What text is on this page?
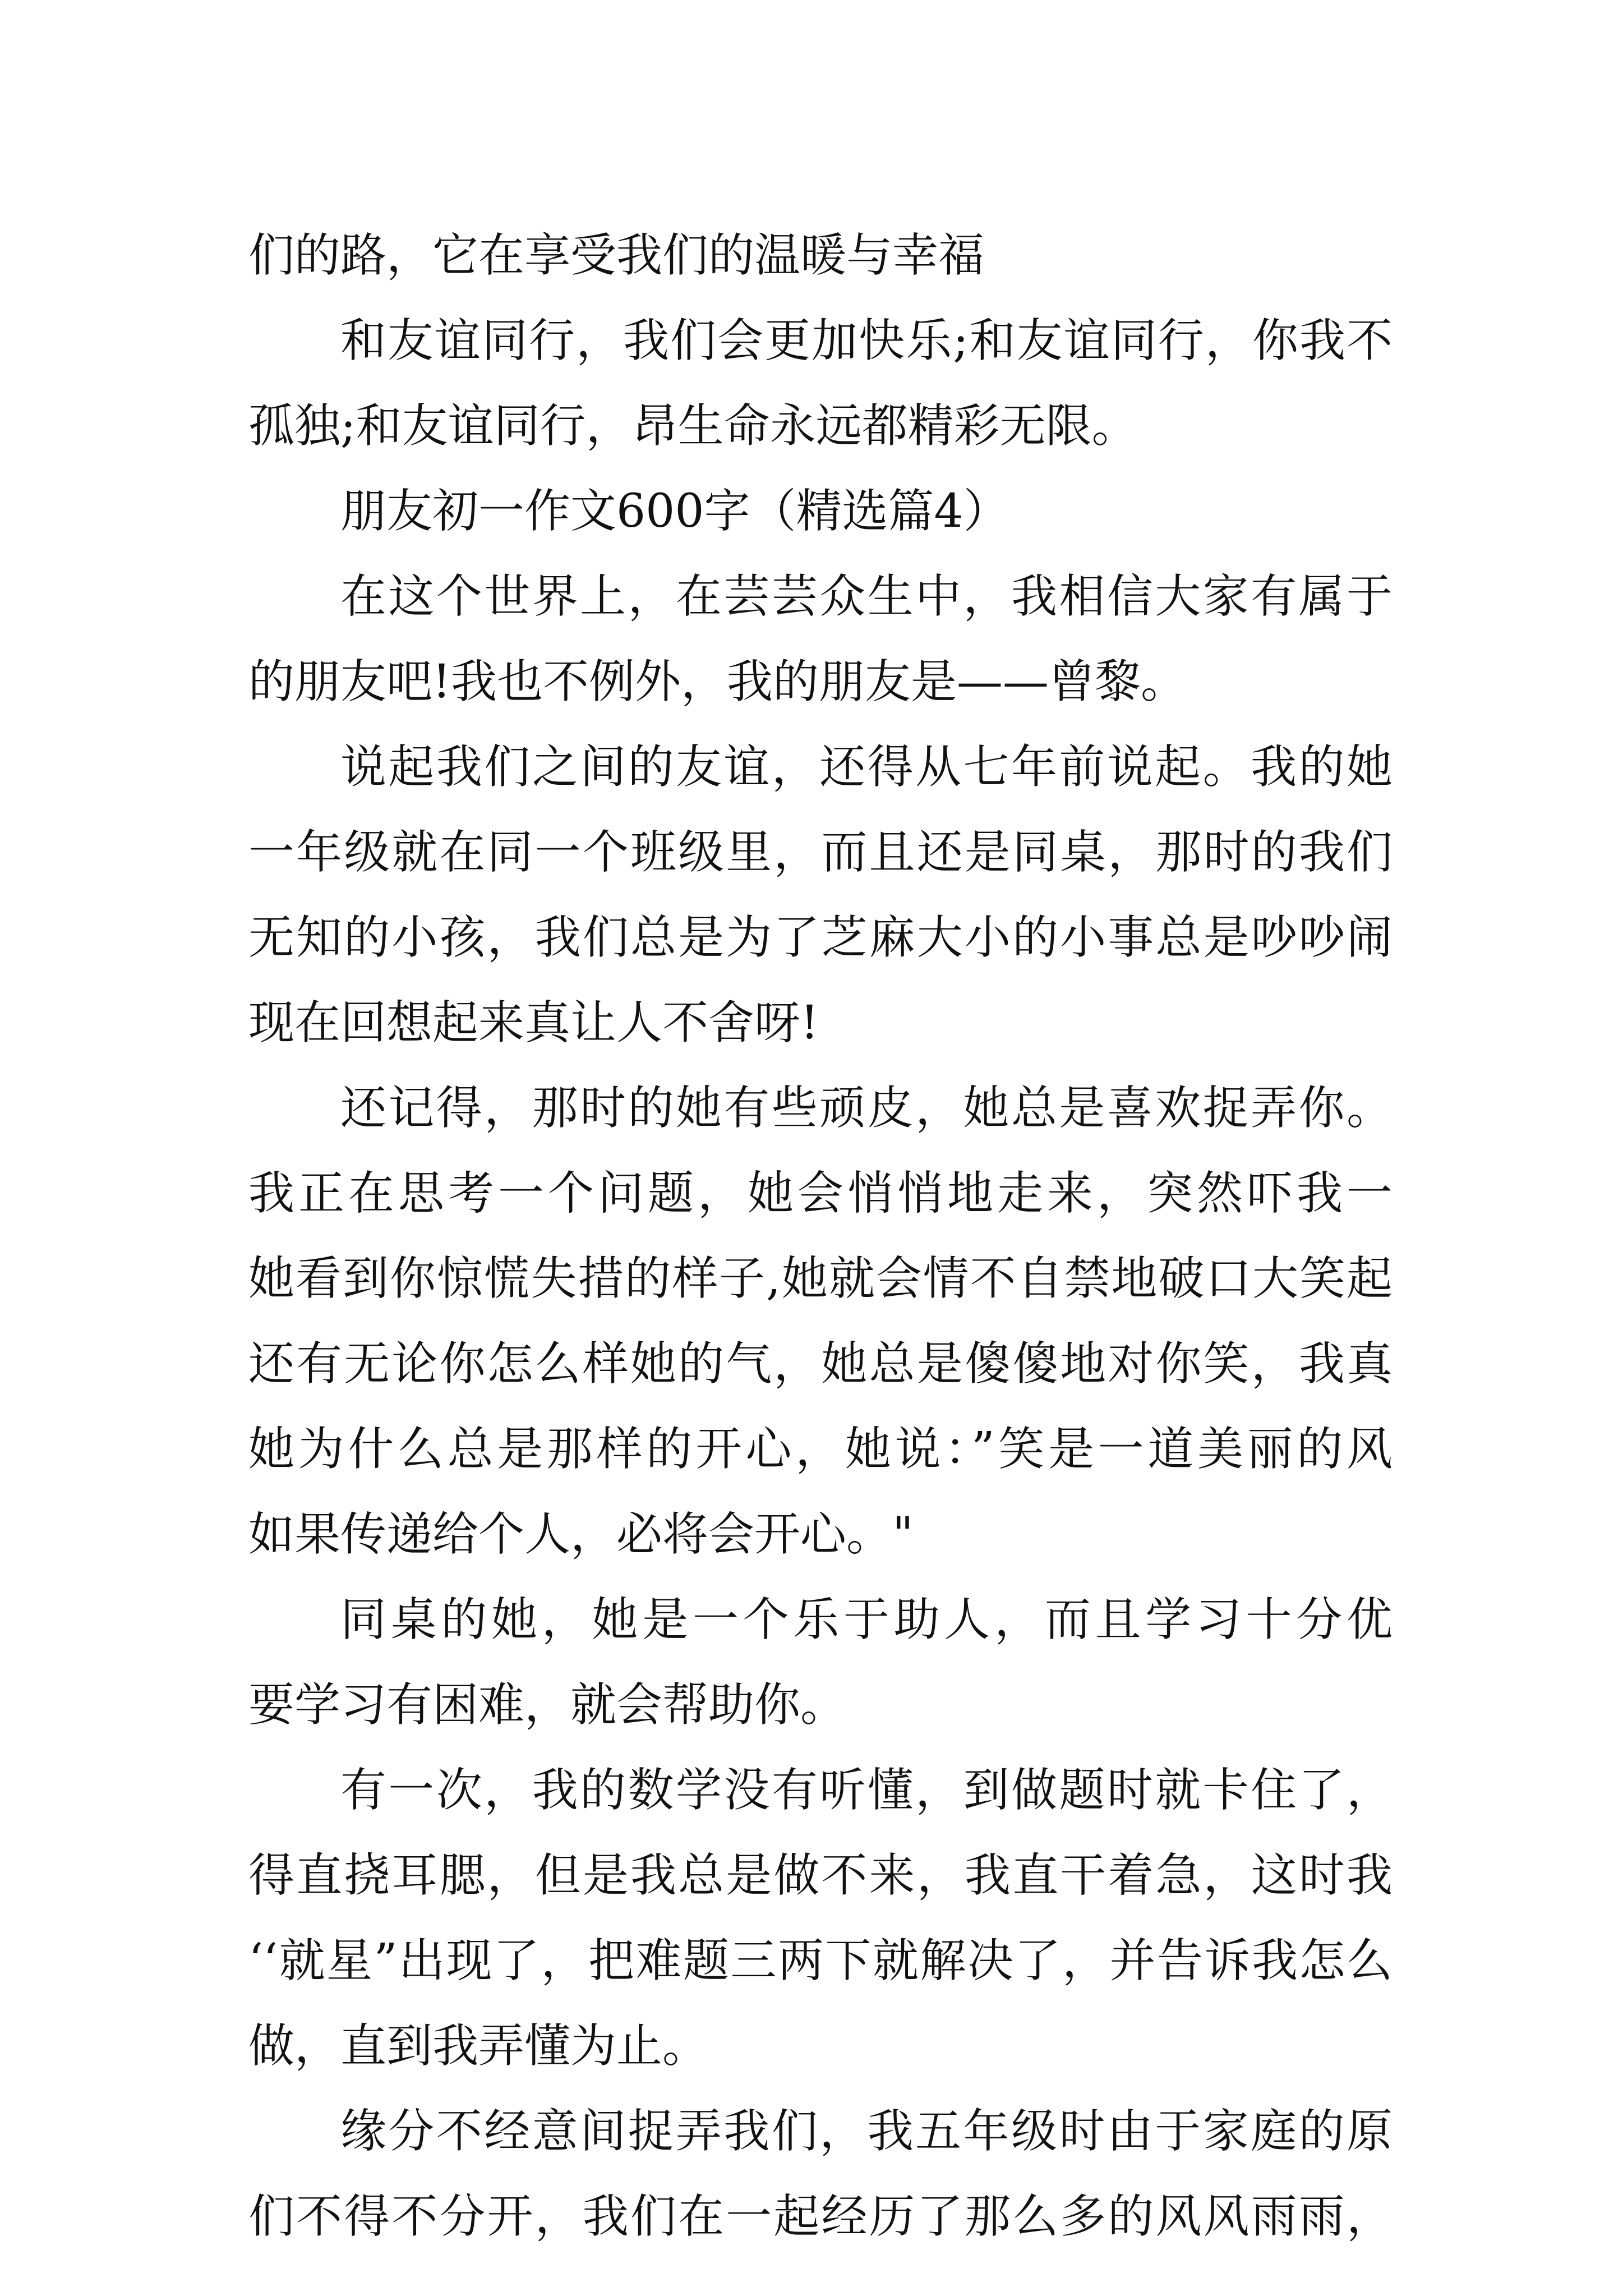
们的路，它在享受我们的温暖与幸福
和友谊同行，我们会更加快乐;和友谊同行，你我不
孤独;和友谊同行，昂生命永远都精彩无限。
朋友初一作文600字（精选篇4）
在这个世界上，在芸芸众生中，我相信大家有属于
的朋友吧!我也不例外，我的朋友是——曾黎。
说起我们之间的友谊，还得从七年前说起。我的她
一年级就在同一个班级里，而且还是同桌，那时的我们
无知的小孩，我们总是为了芝麻大小的小事总是吵吵闹
现在回想起来真让人不舍呀!
还记得，那时的她有些顽皮，她总是喜欢捉弄你。
我正在思考一个问题，她会悄悄地走来，突然吓我一
她看到你惊慌失措的样子,她就会情不自禁地破口大笑起
还有无论你怎么样她的气，她总是傻傻地对你笑，我真
她为什么总是那样的开心，她说：”笑是一道美丽的风
如果传递给个人，必将会开心。"
同桌的她，她是一个乐于助人，而且学习十分优
要学习有困难，就会帮助你。
有一次，我的数学没有听懂，到做题时就卡住了，
得直挠耳腮，但是我总是做不来，我直干着急，这时我
‘‘就星”出现了，把难题三两下就解决了，并告诉我怎么
做，直到我弄懂为止。
缘分不经意间捉弄我们，我五年级时由于家庭的原
们不得不分开，我们在一起经历了那么多的风风雨雨，
